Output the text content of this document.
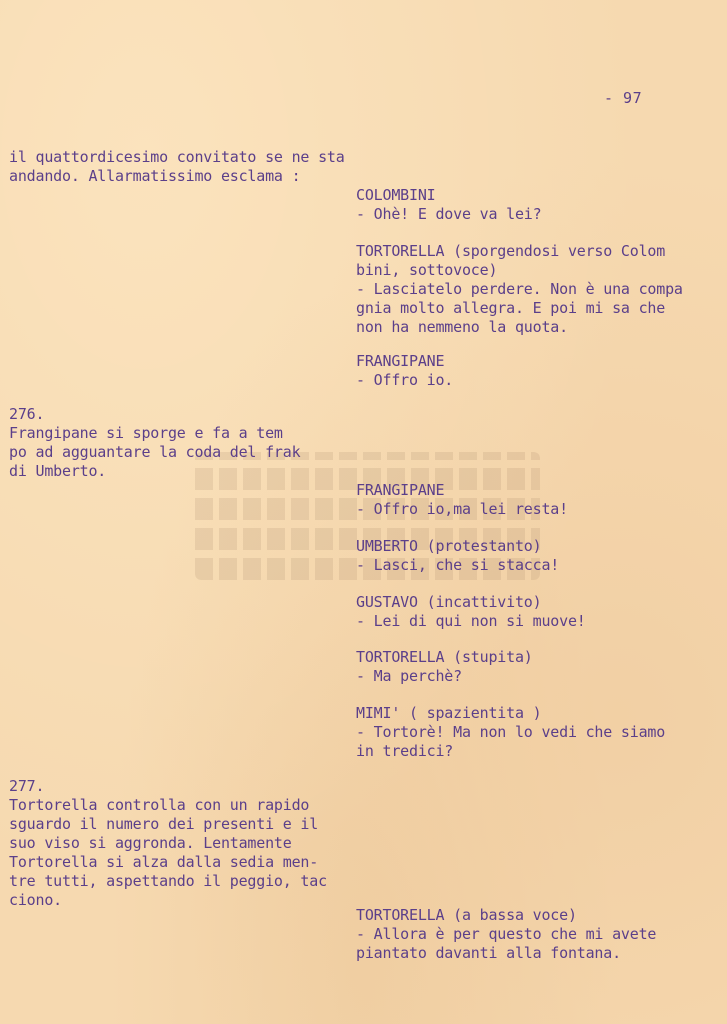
- 97
il quattordicesimo convitato se ne sta
andando. Allarmatissimo esclama :
COLOMBINI
- Ohè! E dove va lei?
TORTORELLA (sporgendosi verso Colom
bini, sottovoce)
- Lasciatelo perdere. Non è una compa
gnia molto allegra. E poi mi sa che
non ha nemmeno la quota.
FRANGIPANE
- Offro io.
276.
Frangipane si sporge e fa a tem
po ad agguantare la coda del frak
di Umberto.
FRANGIPANE
- Offro io,ma lei resta!
UMBERTO (protestanto)
- Lasci, che si stacca!
GUSTAVO (incattivito)
- Lei di qui non si muove!
TORTORELLA (stupita)
- Ma perchè?
MIMI' ( spazientita )
- Tortorè! Ma non lo vedi che siamo
in tredici?
277.
Tortorella controlla con un rapido
sguardo il numero dei presenti e il
suo viso si aggronda. Lentamente
Tortorella si alza dalla sedia men-
tre tutti, aspettando il peggio, tac
ciono.
TORTORELLA (a bassa voce)
- Allora è per questo che mi avete
piantato davanti alla fontana.
